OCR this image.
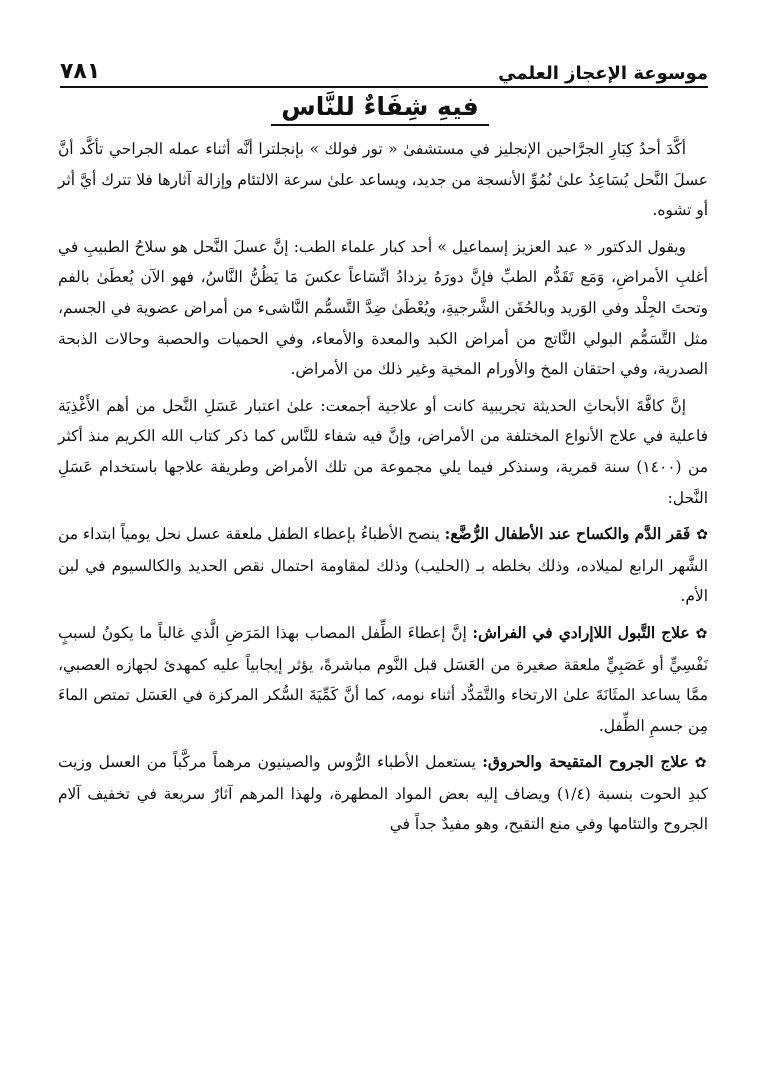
موسوعة الإعجاز العلمي
٧٨١
فيهِ شِفَاءٌ للنَّاس

أكَّدَ أحدُ كِبَارِ الجرَّاحين الإنجليز في مستشفىٰ « تور فولك » بإنجلترا أنَّه أثناء عمله الجراحي تأكَّد أنَّ عسلَ النَّحل يُسَاعِدُ علىٰ نُمُوِّ الأنسجة من جديد، ويساعد علىٰ سرعة الالتئام وإزالة آثارها فلا تترك أيَّ أثر أو تشوه.

ويقول الدكتور « عبد العزيز إسماعيل » أحد كبار علماء الطب: إنَّ عسلَ النَّحل هو سلاحُ الطبيبِ في أغلبِ الأمراضِ، وَمَع تَقَدُّم الطبِّ فإنَّ دورَهُ يزدادُ اتِّسَاعاً عكسَ مَا يَظُنُّ النَّاسُ، فهو الآن يُعطَىٰ بالفم وتحتَ الجِلْد وفي الوَريد وبالحُقَن الشَّرجيةِ، ويُعْطَىٰ ضِدَّ التَّسمُّم النَّاشىء من أمراض عضوية في الجسم، مثل التَّسَمُّم البولي النَّاتج من أمراض الكبد والمعدة والأمعاء، وفي الحميات والحصبة وحالات الذبحة الصدرية، وفي احتقان المخ والأورام المخية وغير ذلك من الأمراض.

إنَّ كافَّةَ الأبحاثِ الحديثة تجريبية كانت أو علاجية أجمعت: علىٰ اعتبار عَسَلِ النَّحل من أهم الأَغْذِيَة فاعلية في علاج الأنواع المختلفة من الأمراض، وإنَّ فيه شفاء للنَّاس كما ذكر كتاب الله الكريم منذ أكثر من (١٤٠٠) سنة قمرية، وسنذكر فيما يلي مجموعة من تلك الأمراض وطريقة علاجها باستخدام عَسَلِ النَّحل:

✿فَقر الدَّم والكساح عند الأطفال الرُّضَّع: ينصح الأطباءُ بإعطاء الطفل ملعقة عسل نحل يومياً ابتداء من الشَّهر الرابع لميلاده، وذلك بخلطه بـ (الحليب) وذلك لمقاومة احتمال نقص الحديد والكالسيوم في لبن الأم.

✿علاج التَّبول اللاإرادي في الفراش: إنَّ إعطاءَ الطِّفل المصاب بهذا المَرَضِ الَّذي غالباً ما يكونُ لسببٍ نَفْسِيٍّ أو عَصَبِيٍّ ملعقة صغيرة من العَسَل قبل النَّوم مباشرةً، يؤثر إيجابياً عليه كمهدئ لجهازه العصبي، ممَّا يساعد المثَانَةَ علىٰ الارتخاء والتَّمَدُّد أثناء نومه، كما أنَّ كَمِّيَةَ السُّكر المركزة في العَسَل تمتص الماءَ مِن جسمِ الطِّفل.

✿علاج الجروح المتقيحة والحروق: يستعمل الأطباء الرُّوس والصينيون مرهماً مركَّباً من العسل وزيت كبدِ الحوت بنسبة (١/٤) ويضاف إليه بعض المواد المطهرة، ولهذا المرهم آثارٌ سريعة في تخفيف آلام الجروح والتئامها وفي منع التقيح، وهو مفيدٌ جداً في
